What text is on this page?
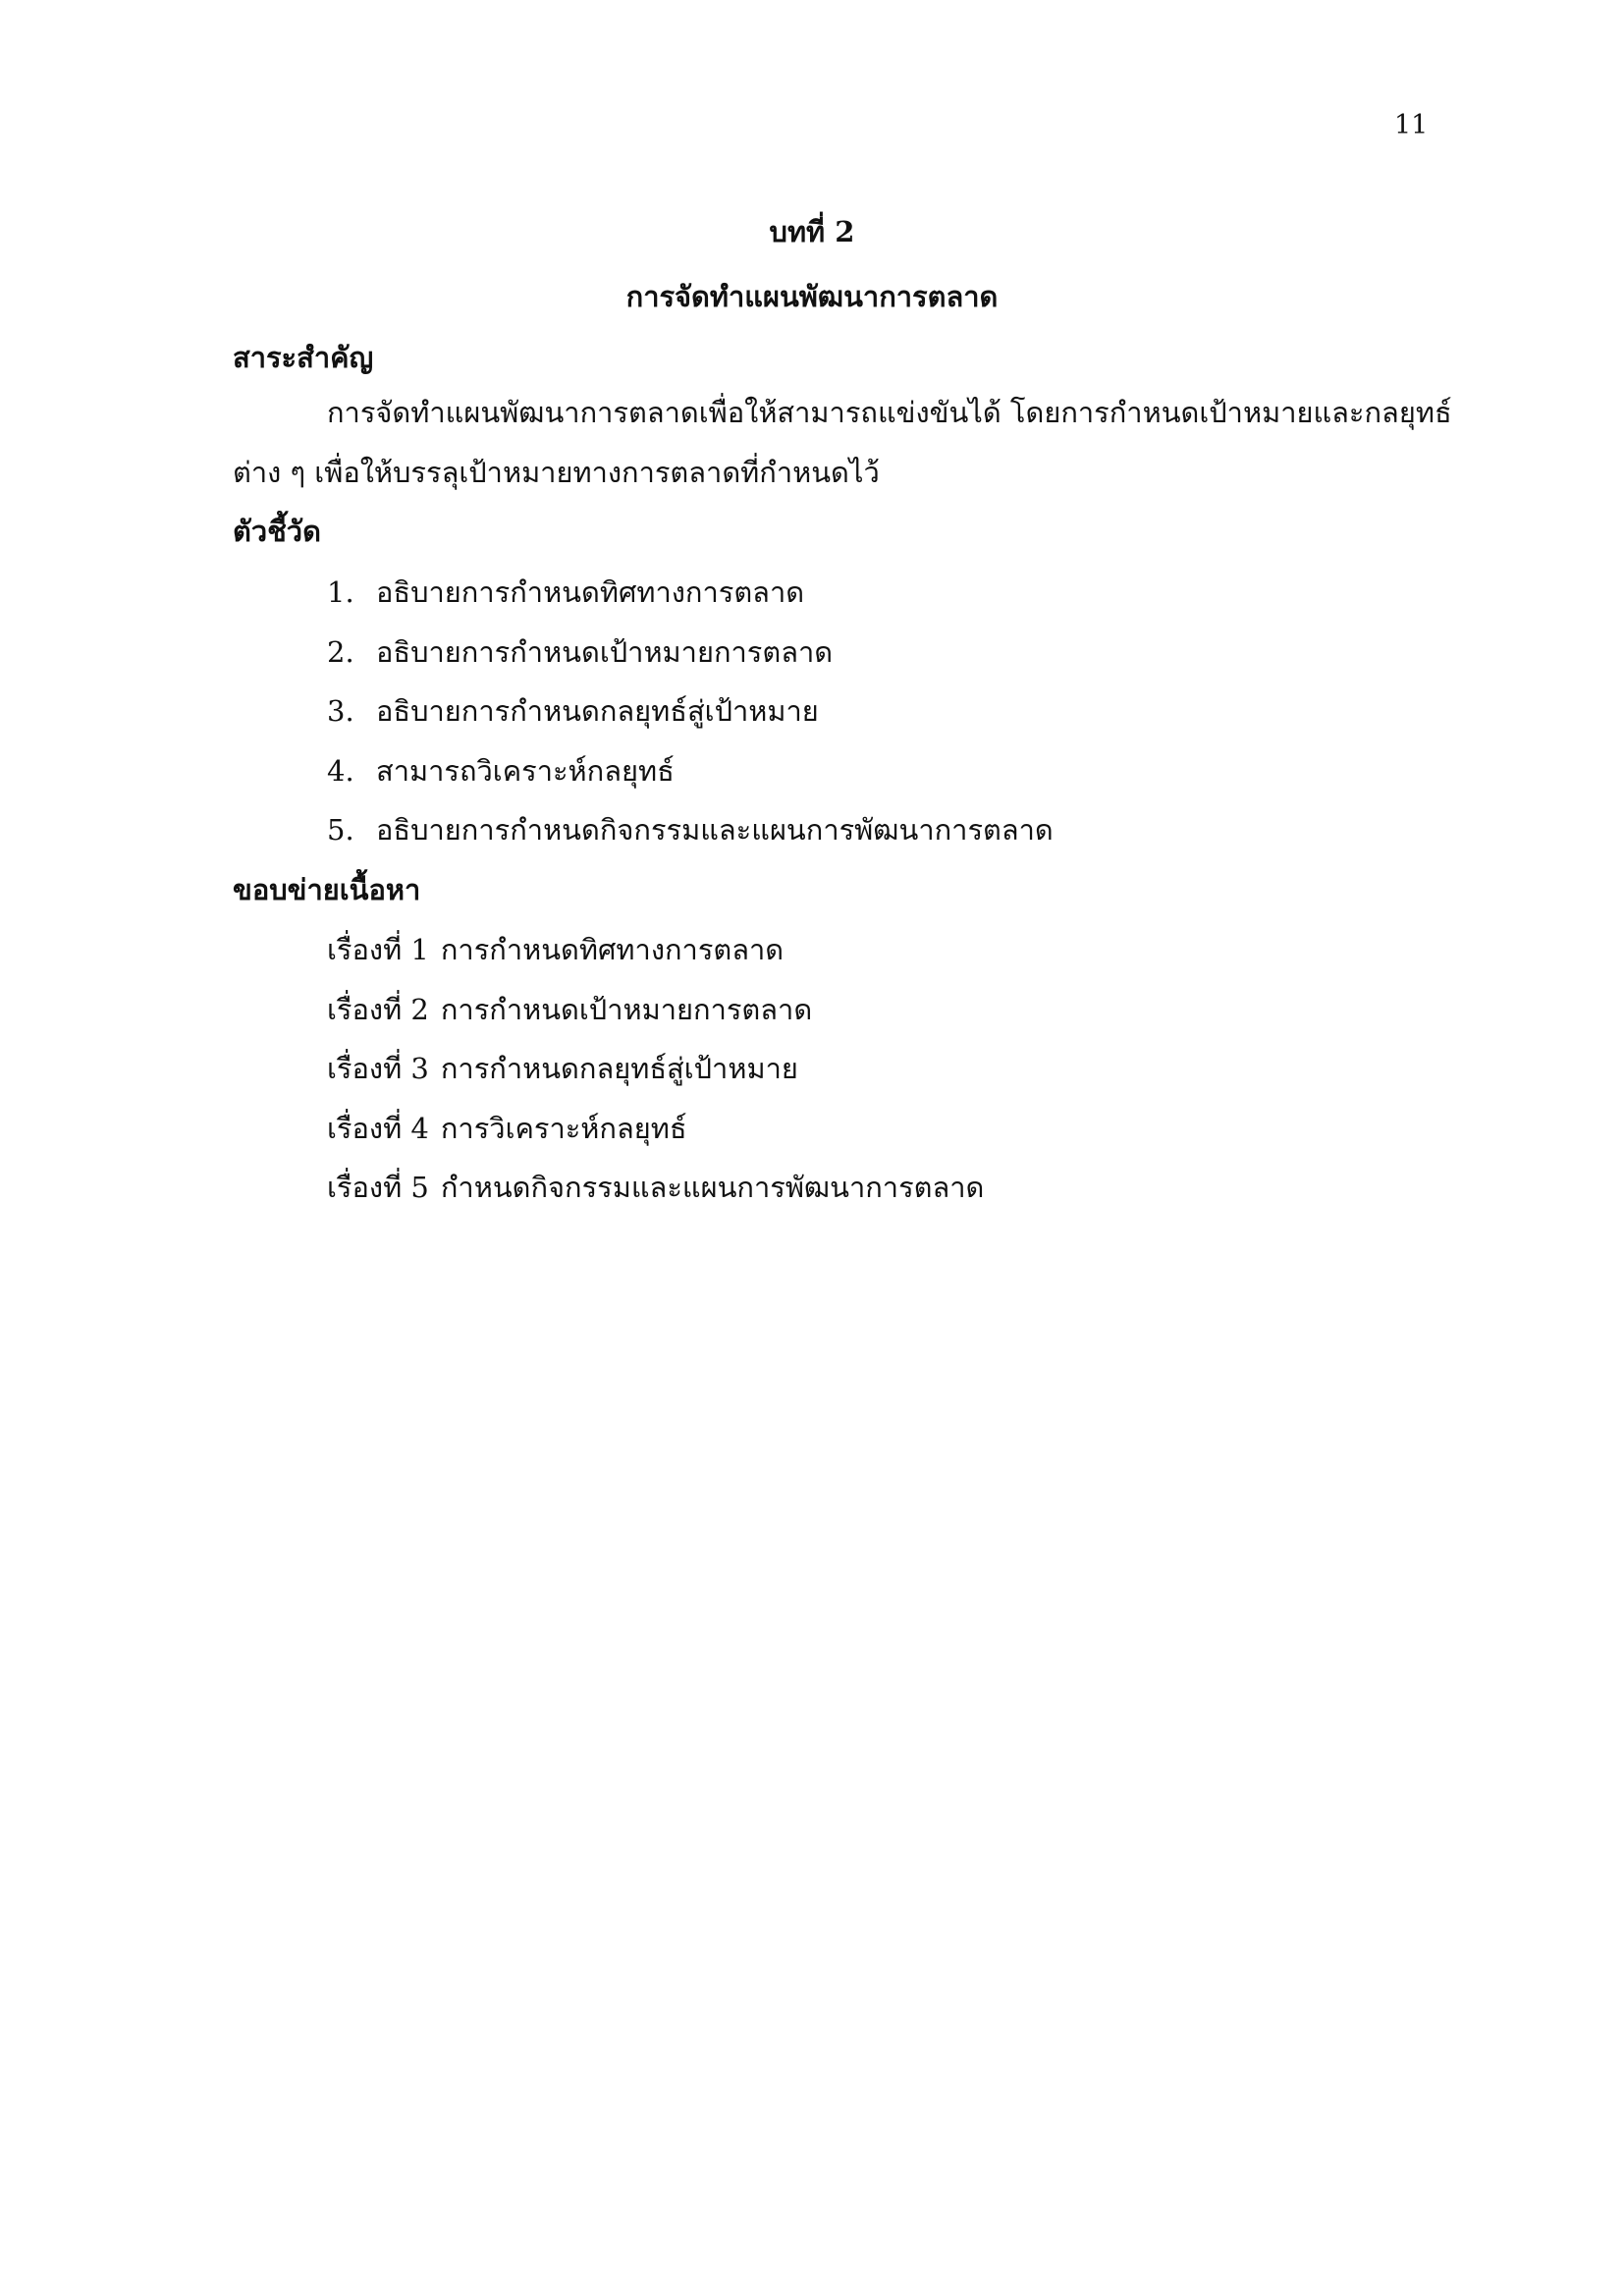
11
บทที่ 2
การจัดทำแผนพัฒนาการตลาด
สาระสำคัญ
การจัดทำแผนพัฒนาการตลาดเพื่อให้สามารถแข่งขันได้ โดยการกำหนดเป้าหมายและกลยุทธ์
ต่าง ๆ เพื่อให้บรรลุเป้าหมายทางการตลาดที่กำหนดไว้
ตัวชี้วัด
1. อธิบายการกำหนดทิศทางการตลาด
2. อธิบายการกำหนดเป้าหมายการตลาด
3. อธิบายการกำหนดกลยุทธ์สู่เป้าหมาย
4. สามารถวิเคราะห์กลยุทธ์
5. อธิบายการกำหนดกิจกรรมและแผนการพัฒนาการตลาด
ขอบข่ายเนื้อหา
เรื่องที่ 1 การกำหนดทิศทางการตลาด
เรื่องที่ 2 การกำหนดเป้าหมายการตลาด
เรื่องที่ 3 การกำหนดกลยุทธ์สู่เป้าหมาย
เรื่องที่ 4 การวิเคราะห์กลยุทธ์
เรื่องที่ 5 กำหนดกิจกรรมและแผนการพัฒนาการตลาด
